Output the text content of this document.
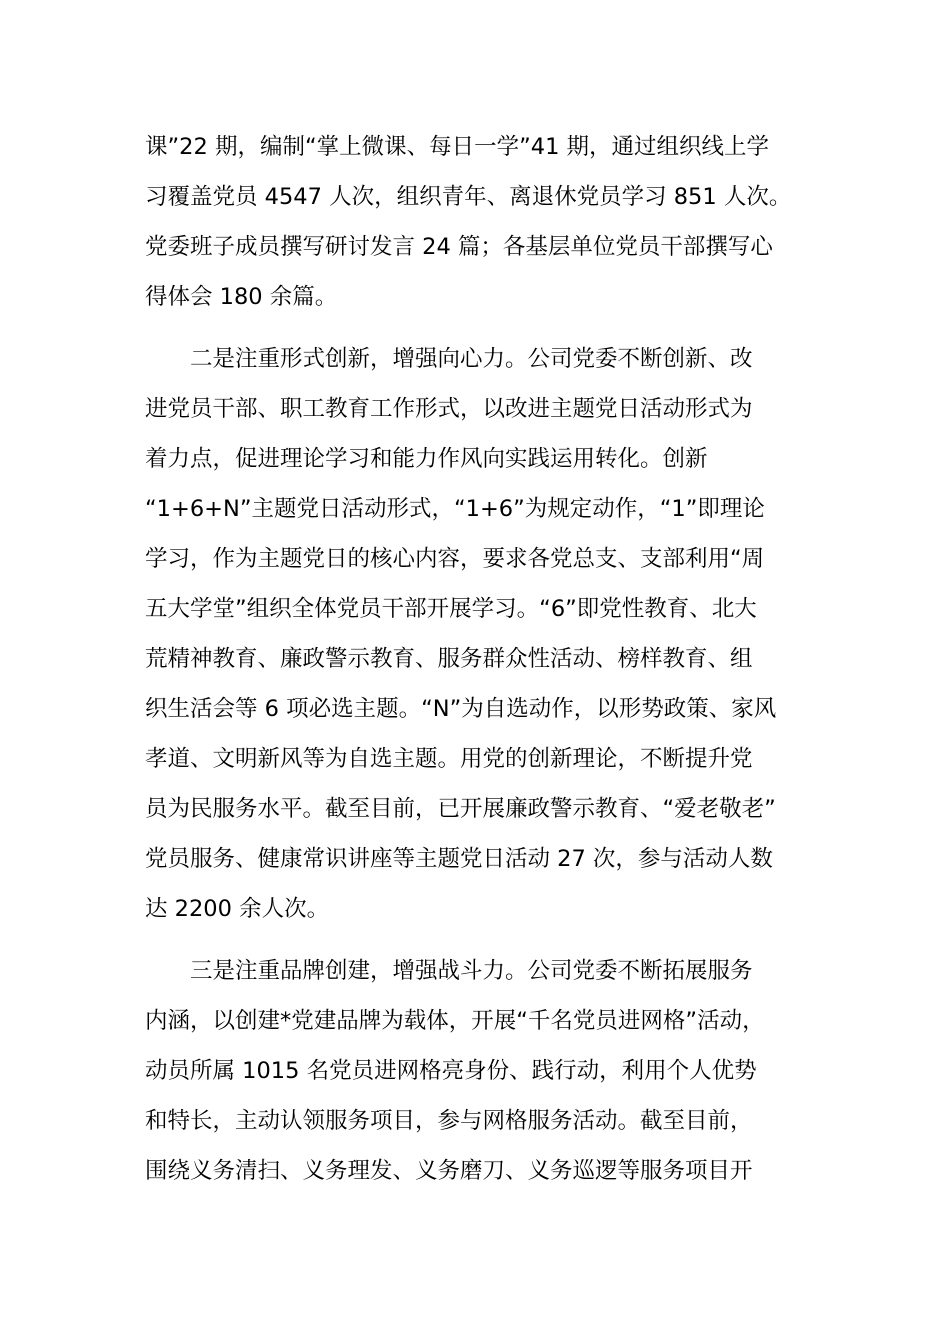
课”22 期，编制“掌上微课、每日一学”41 期，通过组织线上学
习覆盖党员 4547 人次，组织青年、离退休党员学习 851 人次。
党委班子成员撰写研讨发言 24 篇；各基层单位党员干部撰写心
得体会 180 余篇。
　　二是注重形式创新，增强向心力。公司党委不断创新、改
进党员干部、职工教育工作形式，以改进主题党日活动形式为
着力点，促进理论学习和能力作风向实践运用转化。创新
“1+6+N”主题党日活动形式，“1+6”为规定动作，“1”即理论
学习，作为主题党日的核心内容，要求各党总支、支部利用“周
五大学堂”组织全体党员干部开展学习。“6”即党性教育、北大
荒精神教育、廉政警示教育、服务群众性活动、榜样教育、组
织生活会等 6 项必选主题。“N”为自选动作，以形势政策、家风
孝道、文明新风等为自选主题。用党的创新理论，不断提升党
员为民服务水平。截至目前，已开展廉政警示教育、“爱老敬老”
党员服务、健康常识讲座等主题党日活动 27 次，参与活动人数
达 2200 余人次。
　　三是注重品牌创建，增强战斗力。公司党委不断拓展服务
内涵，以创建*党建品牌为载体，开展“千名党员进网格”活动，
动员所属 1015 名党员进网格亮身份、践行动，利用个人优势
和特长，主动认领服务项目，参与网格服务活动。截至目前，
围绕义务清扫、义务理发、义务磨刀、义务巡逻等服务项目开
